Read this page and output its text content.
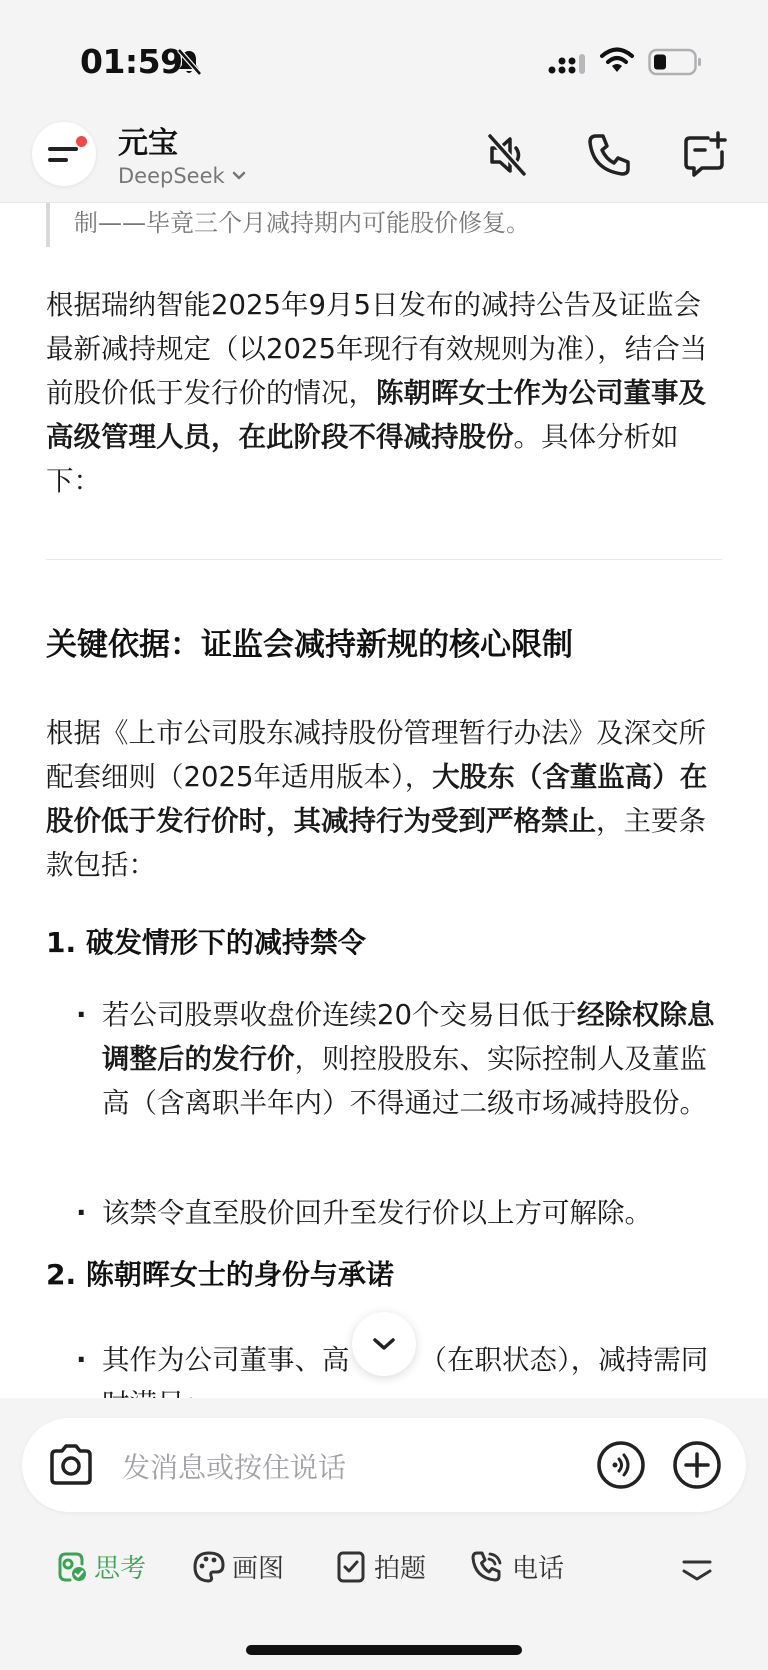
01:59
元宝
DeepSeek
制——毕竟三个月减持期内可能股价修复。
根据瑞纳智能2025年9月5日发布的减持公告及证监会最新减持规定（以2025年现行有效规则为准），结合当前股价低于发行价的情况，陈朝晖女士作为公司董事及高级管理人员，在此阶段不得减持股份。具体分析如下：
关键依据：证监会减持新规的核心限制
根据《上市公司股东减持股份管理暂行办法》及深交所配套细则（2025年适用版本），大股东（含董监高）在股价低于发行价时，其减持行为受到严格禁止，主要条款包括：
1. 破发情形下的减持禁令
· 若公司股票收盘价连续20个交易日低于经除权除息调整后的发行价，则控股股东、实际控制人及董监高（含离职半年内）不得通过二级市场减持股份。
· 该禁令直至股价回升至发行价以上方可解除。
2. 陈朝晖女士的身份与承诺
· 其作为公司董事、高	（在职状态），减持需同
发消息或按住说话
思考	画图	拍题	电话
